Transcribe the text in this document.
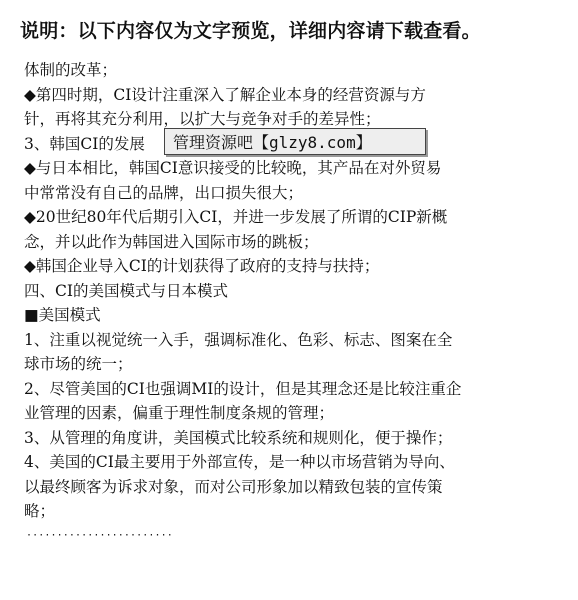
说明：以下内容仅为文字预览，详细内容请下载查看。
体制的改革；
◆第四时期，CI设计注重深入了解企业本身的经营资源与方
针，再将其充分利用，以扩大与竞争对手的差异性；
3、韩国CI的发展
◆与日本相比，韩国CI意识接受的比较晚，其产品在对外贸易
中常常没有自己的品牌，出口损失很大；
◆20世纪80年代后期引入CI，并进一步发展了所谓的CIP新概
念，并以此作为韩国进入国际市场的跳板；
◆韩国企业导入CI的计划获得了政府的支持与扶持；
四、CI的美国模式与日本模式
■美国模式
1、注重以视觉统一入手，强调标准化、色彩、标志、图案在全
球市场的统一；
2、尽管美国的CI也强调MI的设计，但是其理念还是比较注重企
业管理的因素，偏重于理性制度条规的管理；
3、从管理的角度讲，美国模式比较系统和规则化，便于操作；
4、美国的CI最主要用于外部宣传，是一种以市场营销为导向、
以最终顾客为诉求对象，而对公司形象加以精致包装的宣传策
略；
管理资源吧【glzy8.com】
························
